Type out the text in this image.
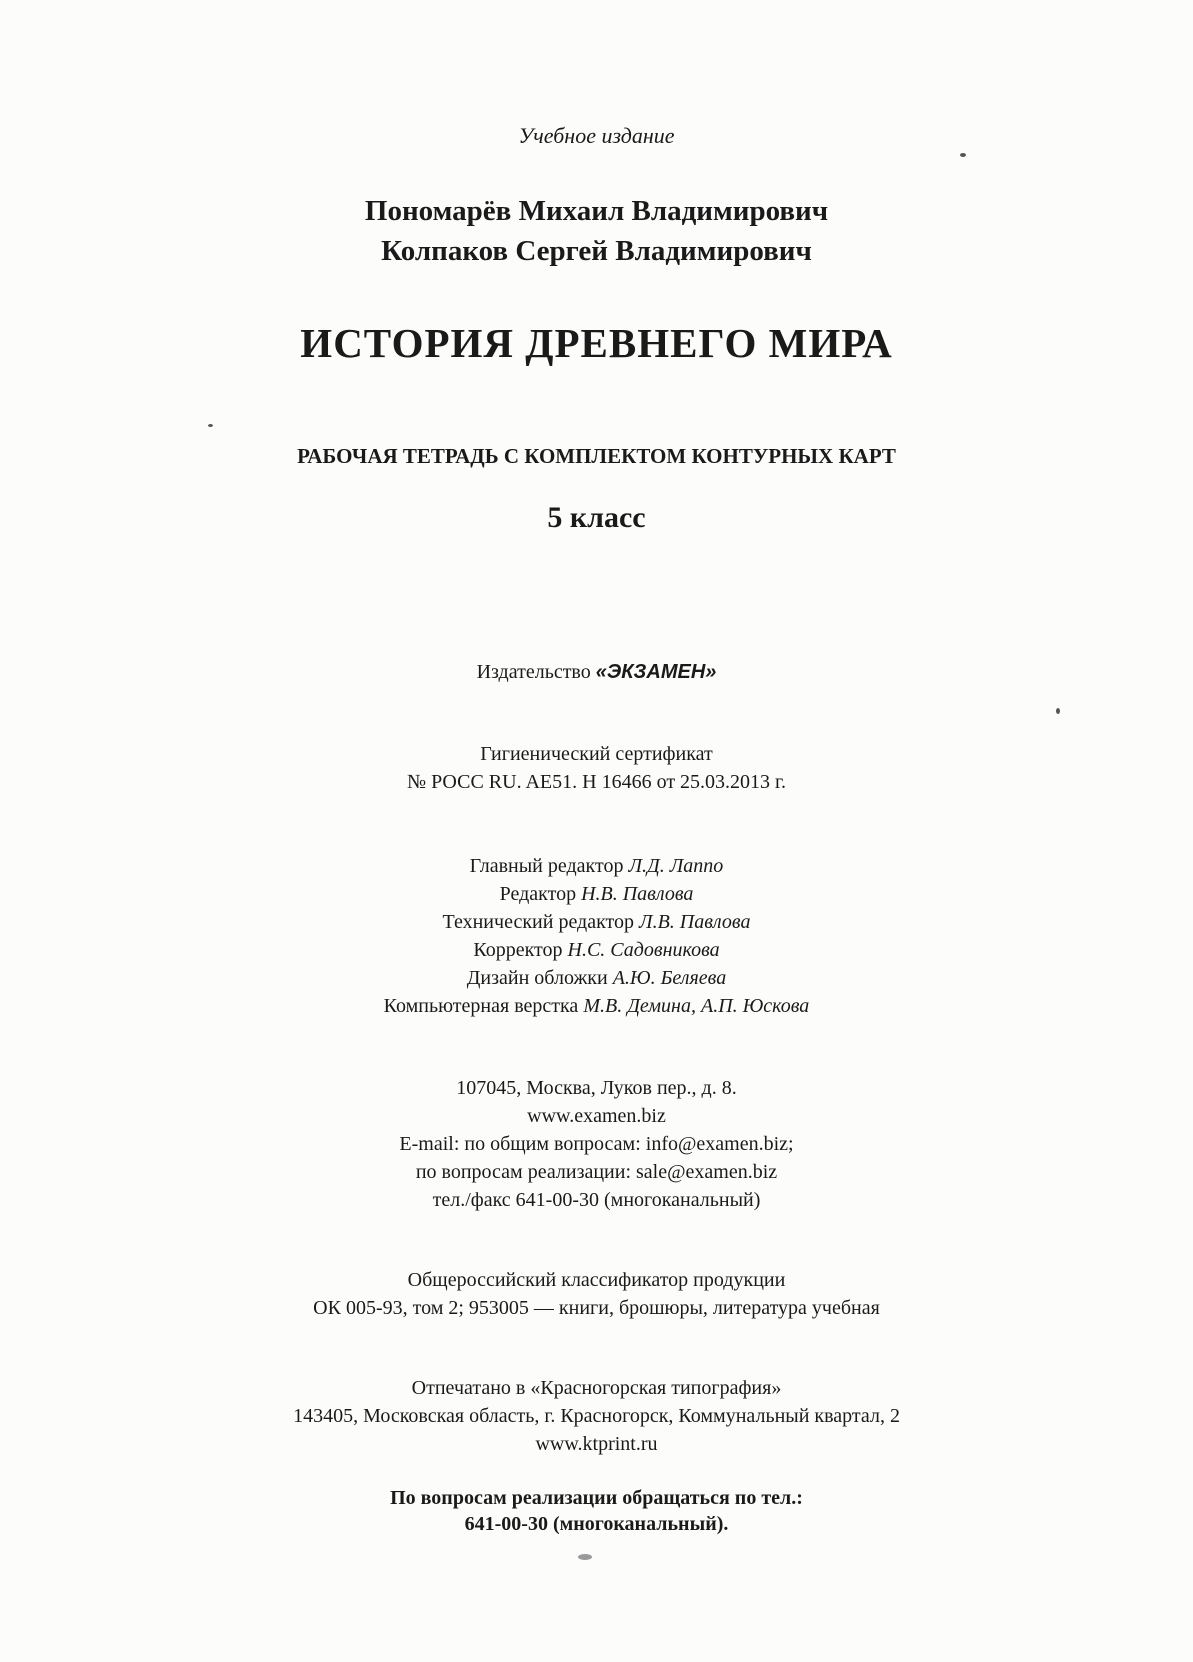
Учебное издание
Пономарёв Михаил Владимирович
Колпаков Сергей Владимирович
ИСТОРИЯ ДРЕВНЕГО МИРА
РАБОЧАЯ ТЕТРАДЬ С КОМПЛЕКТОМ КОНТУРНЫХ КАРТ
5 класс
Издательство «ЭКЗАМЕН»
Гигиенический сертификат
№ РОСС RU. AE51. H 16466 от 25.03.2013 г.
Главный редактор Л.Д. Лаппо
Редактор Н.В. Павлова
Технический редактор Л.В. Павлова
Корректор Н.С. Садовникова
Дизайн обложки А.Ю. Беляева
Компьютерная верстка М.В. Демина, А.П. Юскова
107045, Москва, Луков пер., д. 8.
www.examen.biz
E-mail: по общим вопросам: info@examen.biz;
по вопросам реализации: sale@examen.biz
тел./факс 641-00-30 (многоканальный)
Общероссийский классификатор продукции
ОК 005-93, том 2; 953005 — книги, брошюры, литература учебная
Отпечатано в «Красногорская типография»
143405, Московская область, г. Красногорск, Коммунальный квартал, 2
www.ktprint.ru
По вопросам реализации обращаться по тел.:
641-00-30 (многоканальный).
